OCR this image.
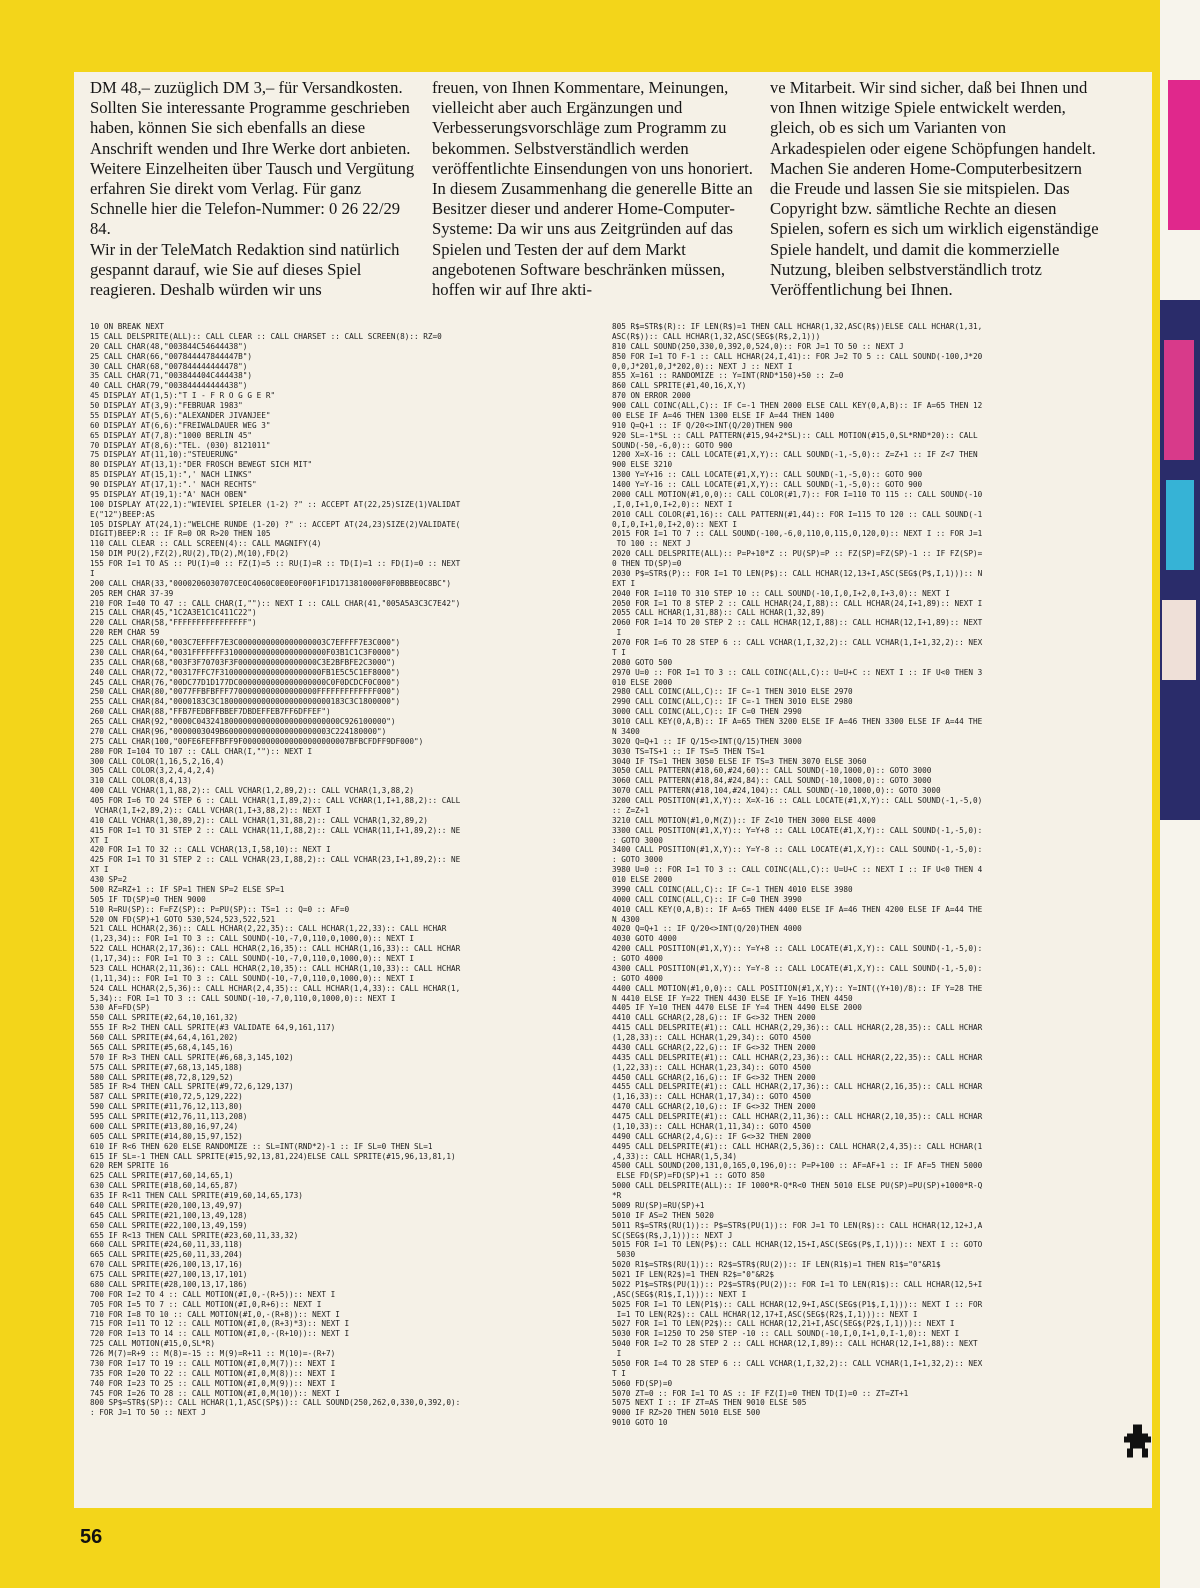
DM 48,– zuzüglich DM 3,– für Versandkosten.

Sollten Sie interessante Programme geschrieben haben, können Sie sich ebenfalls an diese Anschrift wenden und Ihre Werke dort anbieten. Weitere Einzelheiten über Tausch und Vergütung erfahren Sie direkt vom Verlag. Für ganz Schnelle hier die Telefon-Nummer: 0 26 22/29 84.

Wir in der TeleMatch Redaktion sind natürlich gespannt darauf, wie Sie auf dieses Spiel reagieren. Deshalb würden wir uns

freuen, von Ihnen Kommentare, Meinungen, vielleicht aber auch Ergänzungen und Verbesserungsvorschläge zum Programm zu bekommen. Selbstverständlich werden veröffentlichte Einsendungen von uns honoriert.

In diesem Zusammenhang die generelle Bitte an Besitzer dieser und anderer Home-Computer-Systeme: Da wir uns aus Zeitgründen auf das Spielen und Testen der auf dem Markt angebotenen Software beschränken müssen, hoffen wir auf Ihre akti-

ve Mitarbeit. Wir sind sicher, daß bei Ihnen und von Ihnen witzige Spiele entwickelt werden, gleich, ob es sich um Varianten von Arkadespielen oder eigene Schöpfungen handelt. Machen Sie anderen Home-Computerbesitzern die Freude und lassen Sie sie mitspielen. Das Copyright bzw. sämtliche Rechte an diesen Spielen, sofern es sich um wirklich eigenständige Spiele handelt, und damit die kommerzielle Nutzung, bleiben selbstverständlich trotz Veröffentlichung bei Ihnen.

10 ON BREAK NEXT
15 CALL DELSPRITE(ALL):: CALL CLEAR :: CALL CHARSET :: CALL SCREEN(8):: RZ=0
20 CALL CHAR(48,"003844C54644438")
25 CALL CHAR(66,"007844447844447B")
30 CALL CHAR(68,"007844444444478")
35 CALL CHAR(71,"003844404C444438")
40 CALL CHAR(79,"003844444444438")
45 DISPLAY AT(1,5):"T I - F R O G G E R"
50 DISPLAY AT(3,9):"FEBRUAR 1983"
55 DISPLAY AT(5,6):"ALEXANDER JIVANJEE"
60 DISPLAY AT(6,6):"FREIWALDAUER WEG 3"
65 DISPLAY AT(7,8):"1000 BERLIN 45"
70 DISPLAY AT(8,6):"TEL. (030) 8121011"
75 DISPLAY AT(11,10):"STEUERUNG"
80 DISPLAY AT(13,1):"DER FROSCH BEWEGT SICH MIT"
85 DISPLAY AT(15,1):",' NACH LINKS"
90 DISPLAY AT(17,1):".' NACH RECHTS"
95 DISPLAY AT(19,1):"A' NACH OBEN"
100 DISPLAY AT(22,1):"WIEVIEL SPIELER (1-2) ?" :: ACCEPT AT(22,25)SIZE(1)VALIDAT
E("12")BEEP:AS
105 DISPLAY AT(24,1):"WELCHE RUNDE (1-20) ?" :: ACCEPT AT(24,23)SIZE(2)VALIDATE(
DIGIT)BEEP:R :: IF R=0 OR R>20 THEN 105
110 CALL CLEAR :: CALL SCREEN(4):: CALL MAGNIFY(4)
150 DIM PU(2),FZ(2),RU(2),TD(2),M(10),FD(2)
155 FOR I=1 TO AS :: PU(I)=0 :: FZ(I)=5 :: RU(I)=R :: TD(I)=1 :: FD(I)=0 :: NEXT
I
200 CALL CHAR(33,"0000206030707CE0C4060C0E0E0F00F1F1D1713810000F0F0BBBE0C8BC")
205 REM CHAR 37-39
210 FOR I=40 TO 47 :: CALL CHAR(I,""):: NEXT I :: CALL CHAR(41,"005A5A3C3C7E42")
215 CALL CHAR(45,"1C2A3E1C1C411C22")
220 CALL CHAR(58,"FFFFFFFFFFFFFFFF")
220 REM CHAR 59
225 CALL CHAR(60,"003C7EFFFF7E3C0000000000000000003C7EFFFF7E3C000")
230 CALL CHAR(64,"0031FFFFFFF3100000000000000000000F03B1C1C3F0000")
235 CALL CHAR(68,"003F3F70703F3F00000000000000000C3E2BFBFE2C3000")
240 CALL CHAR(72,"00317FFC7F3100000000000000000000FB1E5C5C1EF8000")
245 CALL CHAR(76,"00DC77D1D177DC0000000000000000000C0F0DCDCF0C000")
250 CALL CHAR(80,"0077FFBFBFFF7700000000000000000FFFFFFFFFFFFF000")
255 CALL CHAR(84,"0000183C3C180000000000000000000000183C3C1800000")
260 CALL CHAR(88,"FFB7FEDBFFBBEF7DBDEFFEB7FF6DFFEF")
265 CALL CHAR(92,"0000C0432418000000000000000000000000C926100000")
270 CALL CHAR(96,"0000003049B60000000000000000000003C224180000")
275 CALL CHAR(100,"00FE6FEFFBFF9F00000000000000000000007BFBCFDFF9DF000")
280 FOR I=104 TO 107 :: CALL CHAR(I,""):: NEXT I
300 CALL COLOR(1,16,5,2,16,4)
305 CALL COLOR(3,2,4,4,2,4)
310 CALL COLOR(8,4,13)
400 CALL VCHAR(1,1,88,2):: CALL VCHAR(1,2,89,2):: CALL VCHAR(1,3,88,2)
405 FOR I=6 TO 24 STEP 6 :: CALL VCHAR(1,I,89,2):: CALL VCHAR(1,I+1,88,2):: CALL
VCHAR(1,I+2,89,2):: CALL VCHAR(1,I+3,88,2):: NEXT I
410 CALL VCHAR(1,30,89,2):: CALL VCHAR(1,31,88,2):: CALL VCHAR(1,32,89,2)
415 FOR I=1 TO 31 STEP 2 :: CALL VCHAR(11,I,88,2):: CALL VCHAR(11,I+1,89,2):: NE
XT I
420 FOR I=1 TO 32 :: CALL VCHAR(13,I,58,10):: NEXT I
425 FOR I=1 TO 31 STEP 2 :: CALL VCHAR(23,I,88,2):: CALL VCHAR(23,I+1,89,2):: NE
XT I
430 SP=2
500 RZ=RZ+1 :: IF SP=1 THEN SP=2 ELSE SP=1
505 IF TD(SP)=0 THEN 9000
510 R=RU(SP):: F=FZ(SP):: P=PU(SP):: TS=1 :: Q=0 :: AF=0
520 ON FD(SP)+1 GOTO 530,524,523,522,521
521 CALL HCHAR(2,36):: CALL HCHAR(2,22,35):: CALL HCHAR(1,22,33):: CALL HCHAR
(1,23,34):: FOR I=1 TO 3 :: CALL SOUND(-10,-7,0,110,0,1000,0):: NEXT I
522 CALL HCHAR(2,17,36):: CALL HCHAR(2,16,35):: CALL HCHAR(1,16,33):: CALL HCHAR
(1,17,34):: FOR I=1 TO 3 :: CALL SOUND(-10,-7,0,110,0,1000,0):: NEXT I
523 CALL HCHAR(2,11,36):: CALL HCHAR(2,10,35):: CALL HCHAR(1,10,33):: CALL HCHAR
(1,11,34):: FOR I=1 TO 3 :: CALL SOUND(-10,-7,0,110,0,1000,0):: NEXT I
524 CALL HCHAR(2,5,36):: CALL HCHAR(2,4,35):: CALL HCHAR(1,4,33):: CALL HCHAR(1,
5,34):: FOR I=1 TO 3 :: CALL SOUND(-10,-7,0,110,0,1000,0):: NEXT I
530 AF=FD(SP)
550 CALL SPRITE(#2,64,10,161,32)
555 IF R>2 THEN CALL SPRITE(#3 VALIDATE 64,9,161,117)
560 CALL SPRITE(#4,64,4,161,202)
565 CALL SPRITE(#5,68,4,145,16)
570 IF R>3 THEN CALL SPRITE(#6,68,3,145,102)
575 CALL SPRITE(#7,68,13,145,188)
580 CALL SPRITE(#8,72,8,129,52)
585 IF R>4 THEN CALL SPRITE(#9,72,6,129,137)
587 CALL SPRITE(#10,72,5,129,222)
590 CALL SPRITE(#11,76,12,113,80)
595 CALL SPRITE(#12,76,11,113,208)
600 CALL SPRITE(#13,80,16,97,24)
605 CALL SPRITE(#14,80,15,97,152)
610 IF R<6 THEN 620 ELSE RANDOMIZE :: SL=INT(RND*2)-1 :: IF SL=0 THEN SL=1
615 IF SL=-1 THEN CALL SPRITE(#15,92,13,81,224)ELSE CALL SPRITE(#15,96,13,81,1)
620 REM SPRITE 16
625 CALL SPRITE(#17,60,14,65,1)
630 CALL SPRITE(#18,60,14,65,87)
635 IF R<11 THEN CALL SPRITE(#19,60,14,65,173)
640 CALL SPRITE(#20,100,13,49,97)
645 CALL SPRITE(#21,100,13,49,128)
650 CALL SPRITE(#22,100,13,49,159)
655 IF R<13 THEN CALL SPRITE(#23,60,11,33,32)
660 CALL SPRITE(#24,60,11,33,118)
665 CALL SPRITE(#25,60,11,33,204)
670 CALL SPRITE(#26,100,13,17,16)
675 CALL SPRITE(#27,100,13,17,101)
680 CALL SPRITE(#28,100,13,17,186)
700 FOR I=2 TO 4 :: CALL MOTION(#I,0,-(R+5)):: NEXT I
705 FOR I=5 TO 7 :: CALL MOTION(#I,0,R+6):: NEXT I
710 FOR I=8 TO 10 :: CALL MOTION(#I,0,-(R+8)):: NEXT I
715 FOR I=11 TO 12 :: CALL MOTION(#I,0,(R+3)*3):: NEXT I
720 FOR I=13 TO 14 :: CALL MOTION(#I,0,-(R+10)):: NEXT I
725 CALL MOTION(#15,0,SL*R)
726 M(7)=R+9 :: M(8)=-15 :: M(9)=R+11 :: M(10)=-(R+7)
730 FOR I=17 TO 19 :: CALL MOTION(#I,0,M(7)):: NEXT I
735 FOR I=20 TO 22 :: CALL MOTION(#I,0,M(8)):: NEXT I
740 FOR I=23 TO 25 :: CALL MOTION(#I,0,M(9)):: NEXT I
745 FOR I=26 TO 28 :: CALL MOTION(#I,0,M(10)):: NEXT I
800 SP$=STR$(SP):: CALL HCHAR(1,1,ASC(SP$)):: CALL SOUND(250,262,0,330,0,392,0):
: FOR J=1 TO 50 :: NEXT J
805 R$=STR$(R):: IF LEN(R$)=1 THEN CALL HCHAR(1,32,ASC(R$))ELSE CALL HCHAR(1,31,
ASC(R$)):: CALL HCHAR(1,32,ASC(SEG$(R$,2,1)))
810 CALL SOUND(250,330,0,392,0,524,0):: FOR J=1 TO 50 :: NEXT J
850 FOR I=1 TO F-1 :: CALL HCHAR(24,I,41):: FOR J=2 TO 5 :: CALL SOUND(-100,J*20
0,0,J*201,0,J*202,0):: NEXT J :: NEXT I
855 X=161 :: RANDOMIZE :: Y=INT(RND*150)+50 :: Z=0
860 CALL SPRITE(#1,40,16,X,Y)
870 ON ERROR 2000
900 CALL COINC(ALL,C):: IF C=-1 THEN 2000 ELSE CALL KEY(0,A,B):: IF A=65 THEN 12
00 ELSE IF A=46 THEN 1300 ELSE IF A=44 THEN 1400
910 Q=Q+1 :: IF Q/20<>INT(Q/20)THEN 900
920 SL=-1*SL :: CALL PATTERN(#15,94+2*SL):: CALL MOTION(#15,0,SL*RND*20):: CALL
SOUND(-50,-6,0):: GOTO 900
1200 X=X-16 :: CALL LOCATE(#1,X,Y):: CALL SOUND(-1,-5,0):: Z=Z+1 :: IF Z<7 THEN
900 ELSE 3210
1300 Y=Y+16 :: CALL LOCATE(#1,X,Y):: CALL SOUND(-1,-5,0):: GOTO 900
1400 Y=Y-16 :: CALL LOCATE(#1,X,Y):: CALL SOUND(-1,-5,0):: GOTO 900
2000 CALL MOTION(#1,0,0):: CALL COLOR(#1,7):: FOR I=110 TO 115 :: CALL SOUND(-10
,I,0,I+1,0,I+2,0):: NEXT I
2010 CALL COLOR(#1,16):: CALL PATTERN(#1,44):: FOR I=115 TO 120 :: CALL SOUND(-1
0,I,0,I+1,0,I+2,0):: NEXT I
2015 FOR I=1 TO 7 :: CALL SOUND(-100,-6,0,110,0,115,0,120,0):: NEXT I :: FOR J=1
TO 100 :: NEXT J
2020 CALL DELSPRITE(ALL):: P=P+10*Z :: PU(SP)=P :: FZ(SP)=FZ(SP)-1 :: IF FZ(SP)=
0 THEN TD(SP)=0
2030 P$=STR$(P):: FOR I=1 TO LEN(P$):: CALL HCHAR(12,13+I,ASC(SEG$(P$,I,1))):: N
EXT I
2040 FOR I=110 TO 310 STEP 10 :: CALL SOUND(-10,I,0,I+2,0,I+3,0):: NEXT I
2050 FOR I=1 TO 8 STEP 2 :: CALL HCHAR(24,I,88):: CALL HCHAR(24,I+1,89):: NEXT I
2055 CALL HCHAR(1,31,88):: CALL HCHAR(1,32,89)
2060 FOR I=14 TO 20 STEP 2 :: CALL HCHAR(12,I,88):: CALL HCHAR(12,I+1,89):: NEXT
I
2070 FOR I=6 TO 28 STEP 6 :: CALL VCHAR(1,I,32,2):: CALL VCHAR(1,I+1,32,2):: NEX
T I
2080 GOTO 500
2970 U=0 :: FOR I=1 TO 3 :: CALL COINC(ALL,C):: U=U+C :: NEXT I :: IF U<0 THEN 3
010 ELSE 2000
2980 CALL COINC(ALL,C):: IF C=-1 THEN 3010 ELSE 2970
2990 CALL COINC(ALL,C):: IF C=-1 THEN 3010 ELSE 2980
3000 CALL COINC(ALL,C):: IF C=0 THEN 2990
3010 CALL KEY(0,A,B):: IF A=65 THEN 3200 ELSE IF A=46 THEN 3300 ELSE IF A=44 THE
N 3400
3020 Q=Q+1 :: IF Q/15<>INT(Q/15)THEN 3000
3030 TS=TS+1 :: IF TS=5 THEN TS=1
3040 IF TS=1 THEN 3050 ELSE IF TS=3 THEN 3070 ELSE 3060
3050 CALL PATTERN(#18,60,#24,60):: CALL SOUND(-10,1000,0):: GOTO 3000
3060 CALL PATTERN(#18,84,#24,84):: CALL SOUND(-10,1000,0):: GOTO 3000
3070 CALL PATTERN(#18,104,#24,104):: CALL SOUND(-10,1000,0):: GOTO 3000
3200 CALL POSITION(#1,X,Y):: X=X-16 :: CALL LOCATE(#1,X,Y):: CALL SOUND(-1,-5,0)
:: Z=Z+1
3210 CALL MOTION(#1,0,M(Z)):: IF Z<10 THEN 3000 ELSE 4000
3300 CALL POSITION(#1,X,Y):: Y=Y+8 :: CALL LOCATE(#1,X,Y):: CALL SOUND(-1,-5,0):
: GOTO 3000
3400 CALL POSITION(#1,X,Y):: Y=Y-8 :: CALL LOCATE(#1,X,Y):: CALL SOUND(-1,-5,0):
: GOTO 3000
3980 U=0 :: FOR I=1 TO 3 :: CALL COINC(ALL,C):: U=U+C :: NEXT I :: IF U<0 THEN 4
010 ELSE 2000
3990 CALL COINC(ALL,C):: IF C=-1 THEN 4010 ELSE 3980
4000 CALL COINC(ALL,C):: IF C=0 THEN 3990
4010 CALL KEY(0,A,B):: IF A=65 THEN 4400 ELSE IF A=46 THEN 4200 ELSE IF A=44 THE
N 4300
4020 Q=Q+1 :: IF Q/20<>INT(Q/20)THEN 4000
4030 GOTO 4000
4200 CALL POSITION(#1,X,Y):: Y=Y+8 :: CALL LOCATE(#1,X,Y):: CALL SOUND(-1,-5,0):
: GOTO 4000
4300 CALL POSITION(#1,X,Y):: Y=Y-8 :: CALL LOCATE(#1,X,Y):: CALL SOUND(-1,-5,0):
: GOTO 4000
4400 CALL MOTION(#1,0,0):: CALL POSITION(#1,X,Y):: Y=INT((Y+10)/8):: IF Y=28 THE
N 4410 ELSE IF Y=22 THEN 4430 ELSE IF Y=16 THEN 4450
4405 IF Y=10 THEN 4470 ELSE IF Y=4 THEN 4490 ELSE 2000
4410 CALL GCHAR(2,28,G):: IF G<>32 THEN 2000
4415 CALL DELSPRITE(#1):: CALL HCHAR(2,29,36):: CALL HCHAR(2,28,35):: CALL HCHAR
(1,28,33):: CALL HCHAR(1,29,34):: GOTO 4500
4430 CALL GCHAR(2,22,G):: IF G<>32 THEN 2000
4435 CALL DELSPRITE(#1):: CALL HCHAR(2,23,36):: CALL HCHAR(2,22,35):: CALL HCHAR
(1,22,33):: CALL HCHAR(1,23,34):: GOTO 4500
4450 CALL GCHAR(2,16,G):: IF G<>32 THEN 2000
4455 CALL DELSPRITE(#1):: CALL HCHAR(2,17,36):: CALL HCHAR(2,16,35):: CALL HCHAR
(1,16,33):: CALL HCHAR(1,17,34):: GOTO 4500
4470 CALL GCHAR(2,10,G):: IF G<>32 THEN 2000
4475 CALL DELSPRITE(#1):: CALL HCHAR(2,11,36):: CALL HCHAR(2,10,35):: CALL HCHAR
(1,10,33):: CALL HCHAR(1,11,34):: GOTO 4500
4490 CALL GCHAR(2,4,G):: IF G<>32 THEN 2000
4495 CALL DELSPRITE(#1):: CALL HCHAR(2,5,36):: CALL HCHAR(2,4,35):: CALL HCHAR(1
,4,33):: CALL HCHAR(1,5,34)
4500 CALL SOUND(200,131,0,165,0,196,0):: P=P+100 :: AF=AF+1 :: IF AF=5 THEN 5000
ELSE FD(SP)=FD(SP)+1 :: GOTO 850
5000 CALL DELSPRITE(ALL):: IF 1000*R-Q*R<0 THEN 5010 ELSE PU(SP)=PU(SP)+1000*R-Q
*R
5009 RU(SP)=RU(SP)+1
5010 IF AS=2 THEN 5020
5011 R$=STR$(RU(1)):: P$=STR$(PU(1)):: FOR J=1 TO LEN(R$):: CALL HCHAR(12,12+J,A
SC(SEG$(R$,J,1))):: NEXT J
5015 FOR I=1 TO LEN(P$):: CALL HCHAR(12,15+I,ASC(SEG$(P$,I,1))):: NEXT I :: GOTO
5030
5020 R1$=STR$(RU(1)):: R2$=STR$(RU(2)):: IF LEN(R1$)=1 THEN R1$="0"&R1$
5021 IF LEN(R2$)=1 THEN R2$="0"&R2$
5022 P1$=STR$(PU(1)):: P2$=STR$(PU(2)):: FOR I=1 TO LEN(R1$):: CALL HCHAR(12,5+I
,ASC(SEG$(R1$,I,1))):: NEXT I
5025 FOR I=1 TO LEN(P1$):: CALL HCHAR(12,9+I,ASC(SEG$(P1$,I,1))):: NEXT I :: FOR
I=1 TO LEN(R2$):: CALL HCHAR(12,17+I,ASC(SEG$(R2$,I,1))):: NEXT I
5027 FOR I=1 TO LEN(P2$):: CALL HCHAR(12,21+I,ASC(SEG$(P2$,I,1))):: NEXT I
5030 FOR I=1250 TO 250 STEP -10 :: CALL SOUND(-10,I,0,I+1,0,I-1,0):: NEXT I
5040 FOR I=2 TO 28 STEP 2 :: CALL HCHAR(12,I,89):: CALL HCHAR(12,I+1,88):: NEXT
I
5050 FOR I=4 TO 28 STEP 6 :: CALL VCHAR(1,I,32,2):: CALL VCHAR(1,I+1,32,2):: NEX
T I
5060 FD(SP)=0
5070 ZT=0 :: FOR I=1 TO AS :: IF FZ(I)=0 THEN TD(I)=0 :: ZT=ZT+1
5075 NEXT I :: IF ZT=AS THEN 9010 ELSE 505
9000 IF RZ>20 THEN 5010 ELSE 500
9010 GOTO 10
56
